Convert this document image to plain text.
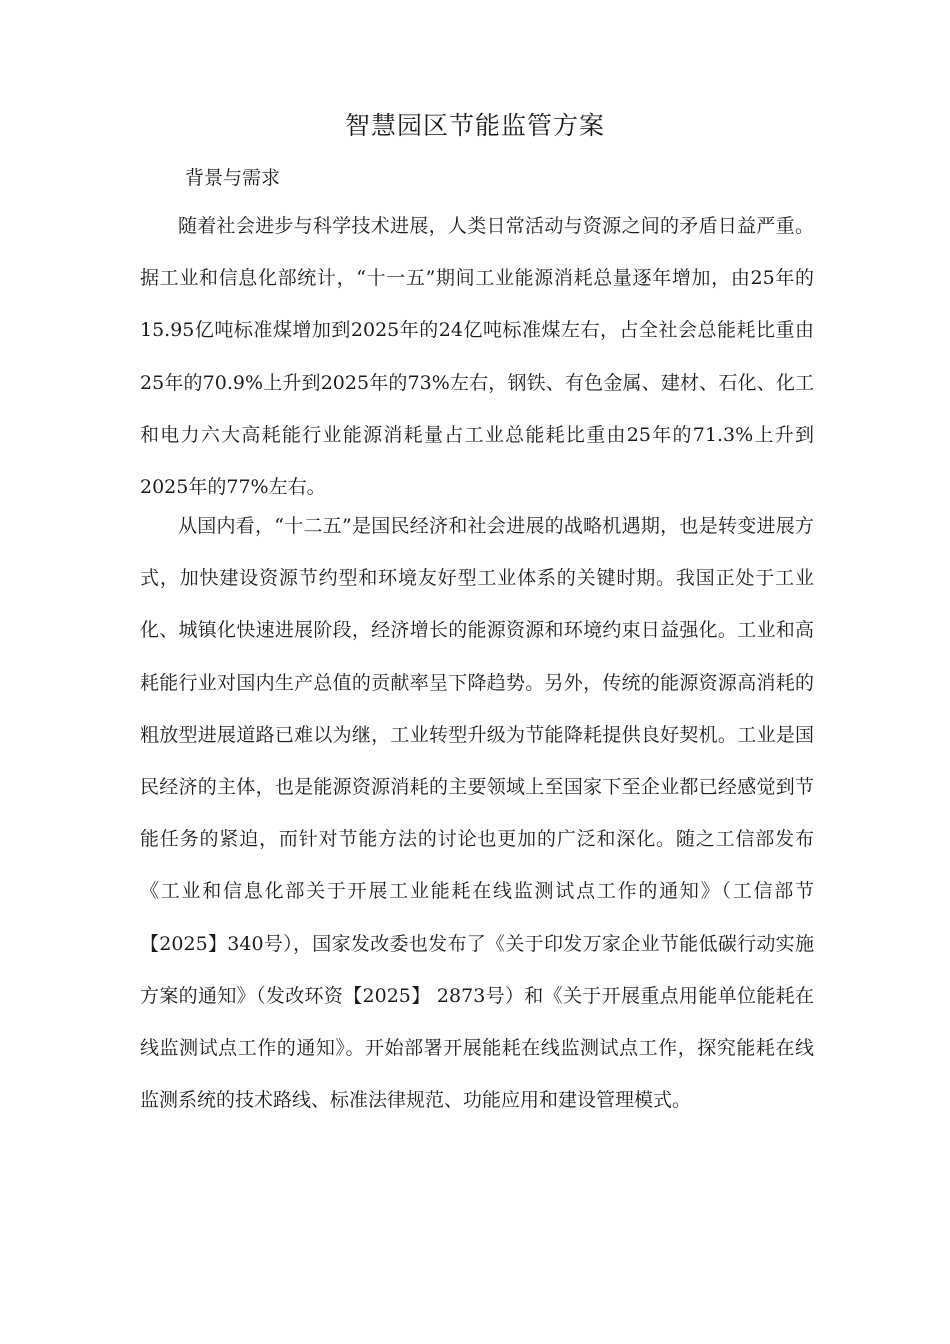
智慧园区节能监管方案
背景与需求

随着社会进步与科学技术进展，人类日常活动与资源之间的矛盾日益严重。据工业和信息化部统计，“十一五”期间工业能源消耗总量逐年增加，由25年的15.95亿吨标准煤增加到2025年的24亿吨标准煤左右，占全社会总能耗比重由25年的70.9%上升到2025年的73%左右，钢铁、有色金属、建材、石化、化工和电力六大高耗能行业能源消耗量占工业总能耗比重由25年的71.3%上升到2025年的77%左右。

从国内看，“十二五”是国民经济和社会进展的战略机遇期，也是转变进展方式，加快建设资源节约型和环境友好型工业体系的关键时期。我国正处于工业化、城镇化快速进展阶段，经济增长的能源资源和环境约束日益强化。工业和高耗能行业对国内生产总值的贡献率呈下降趋势。另外，传统的能源资源高消耗的粗放型进展道路已难以为继，工业转型升级为节能降耗提供良好契机。工业是国民经济的主体，也是能源资源消耗的主要领域上至国家下至企业都已经感觉到节能任务的紧迫，而针对节能方法的讨论也更加的广泛和深化。随之工信部发布《工业和信息化部关于开展工业能耗在线监测试点工作的通知》（工信部节【2025】340号），国家发改委也发布了《关于印发万家企业节能低碳行动实施方案的通知》（发改环资【2025】 2873号）和《关于开展重点用能单位能耗在线监测试点工作的通知》。开始部署开展能耗在线监测试点工作，探究能耗在线监测系统的技术路线、标准法律规范、功能应用和建设管理模式。
